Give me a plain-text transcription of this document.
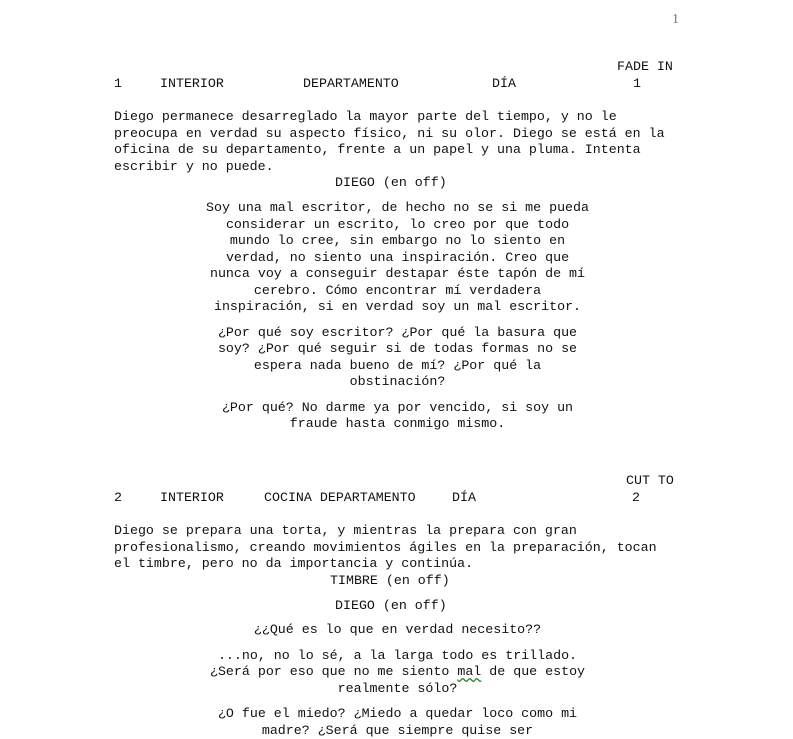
1
FADE IN
1	INTERIOR	DEPARTAMENTO	DÍA	1

Diego permanece desarreglado la mayor parte del tiempo, y no le preocupa en verdad su aspecto físico, ni su olor. Diego se está en la oficina de su departamento, frente a un papel y una pluma. Intenta escribir y no puede.

DIEGO (en off)

Soy una mal escritor, de hecho no se si me pueda considerar un escrito, lo creo por que todo mundo lo cree, sin embargo no lo siento en verdad, no siento una inspiración. Creo que nunca voy a conseguir destapar éste tapón de mí cerebro. Cómo encontrar mí verdadera inspiración, si en verdad soy un mal escritor.

¿Por qué soy escritor? ¿Por qué la basura que soy? ¿Por qué seguir si de todas formas no se espera nada bueno de mí? ¿Por qué la obstinación?

¿Por qué? No darme ya por vencido, si soy un fraude hasta conmigo mismo.

CUT TO
2	INTERIOR	COCINA DEPARTAMENTO	DÍA	2

Diego se prepara una torta, y mientras la prepara con gran profesionalismo, creando movimientos ágiles en la preparación, tocan el timbre, pero no da importancia y continúa.

TIMBRE (en off)
DIEGO (en off)

¿¿Qué es lo que en verdad necesito??

...no, no lo sé, a la larga todo es trillado. ¿Será por eso que no me siento mal de que estoy realmente sólo?

¿O fue el miedo? ¿Miedo a quedar loco como mi madre? ¿Será que siempre quise ser
